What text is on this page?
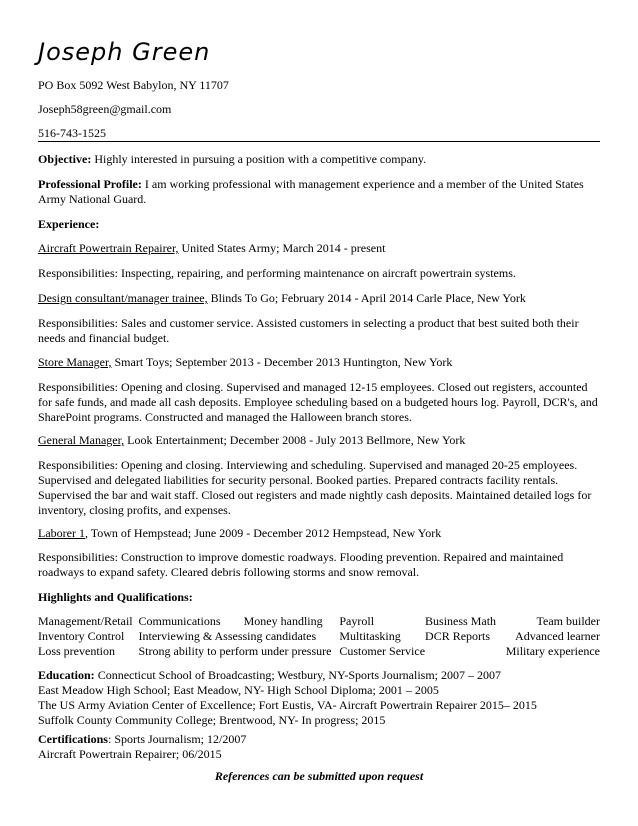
Joseph Green
PO Box 5092 West Babylon, NY 11707
Joseph58green@gmail.com
516-743-1525
Objective: Highly interested in pursuing a position with a competitive company.
Professional Profile: I am working professional with management experience and a member of the United States Army National Guard.
Experience:
Aircraft Powertrain Repairer, United States Army; March 2014 - present
Responsibilities: Inspecting, repairing, and performing maintenance on aircraft powertrain systems.
Design consultant/manager trainee, Blinds To Go; February 2014 - April 2014 Carle Place, New York
Responsibilities: Sales and customer service. Assisted customers in selecting a product that best suited both their needs and financial budget.
Store Manager, Smart Toys; September 2013 - December 2013 Huntington, New York
Responsibilities: Opening and closing. Supervised and managed 12-15 employees. Closed out registers, accounted for safe funds, and made all cash deposits. Employee scheduling based on a budgeted hours log. Payroll, DCR's, and SharePoint programs. Constructed and managed the Halloween branch stores.
General Manager, Look Entertainment; December 2008 - July 2013 Bellmore, New York
Responsibilities: Opening and closing. Interviewing and scheduling. Supervised and managed 20-25 employees. Supervised and delegated liabilities for security personal. Booked parties. Prepared contracts facility rentals. Supervised the bar and wait staff. Closed out registers and made nightly cash deposits. Maintained detailed logs for inventory, closing profits, and expenses.
Laborer 1, Town of Hempstead; June 2009 - December 2012 Hempstead, New York
Responsibilities: Construction to improve domestic roadways. Flooding prevention. Repaired and maintained roadways to expand safety. Cleared debris following storms and snow removal.
Highlights and Qualifications:
Management/Retail	Communications	Money handling	Payroll	Business Math	Team builder
Inventory Control	Interviewing & Assessing candidates		Multitasking	DCR Reports	Advanced learner
Loss prevention	Strong ability to perform under pressure		Customer Service		Military experience
Education: Connecticut School of Broadcasting; Westbury, NY-Sports Journalism; 2007 – 2007
East Meadow High School; East Meadow, NY- High School Diploma; 2001 – 2005
The US Army Aviation Center of Excellence; Fort Eustis, VA- Aircraft Powertrain Repairer 2015– 2015
Suffolk County Community College; Brentwood, NY- In progress; 2015
Certifications: Sports Journalism; 12/2007
Aircraft Powertrain Repairer; 06/2015
References can be submitted upon request
